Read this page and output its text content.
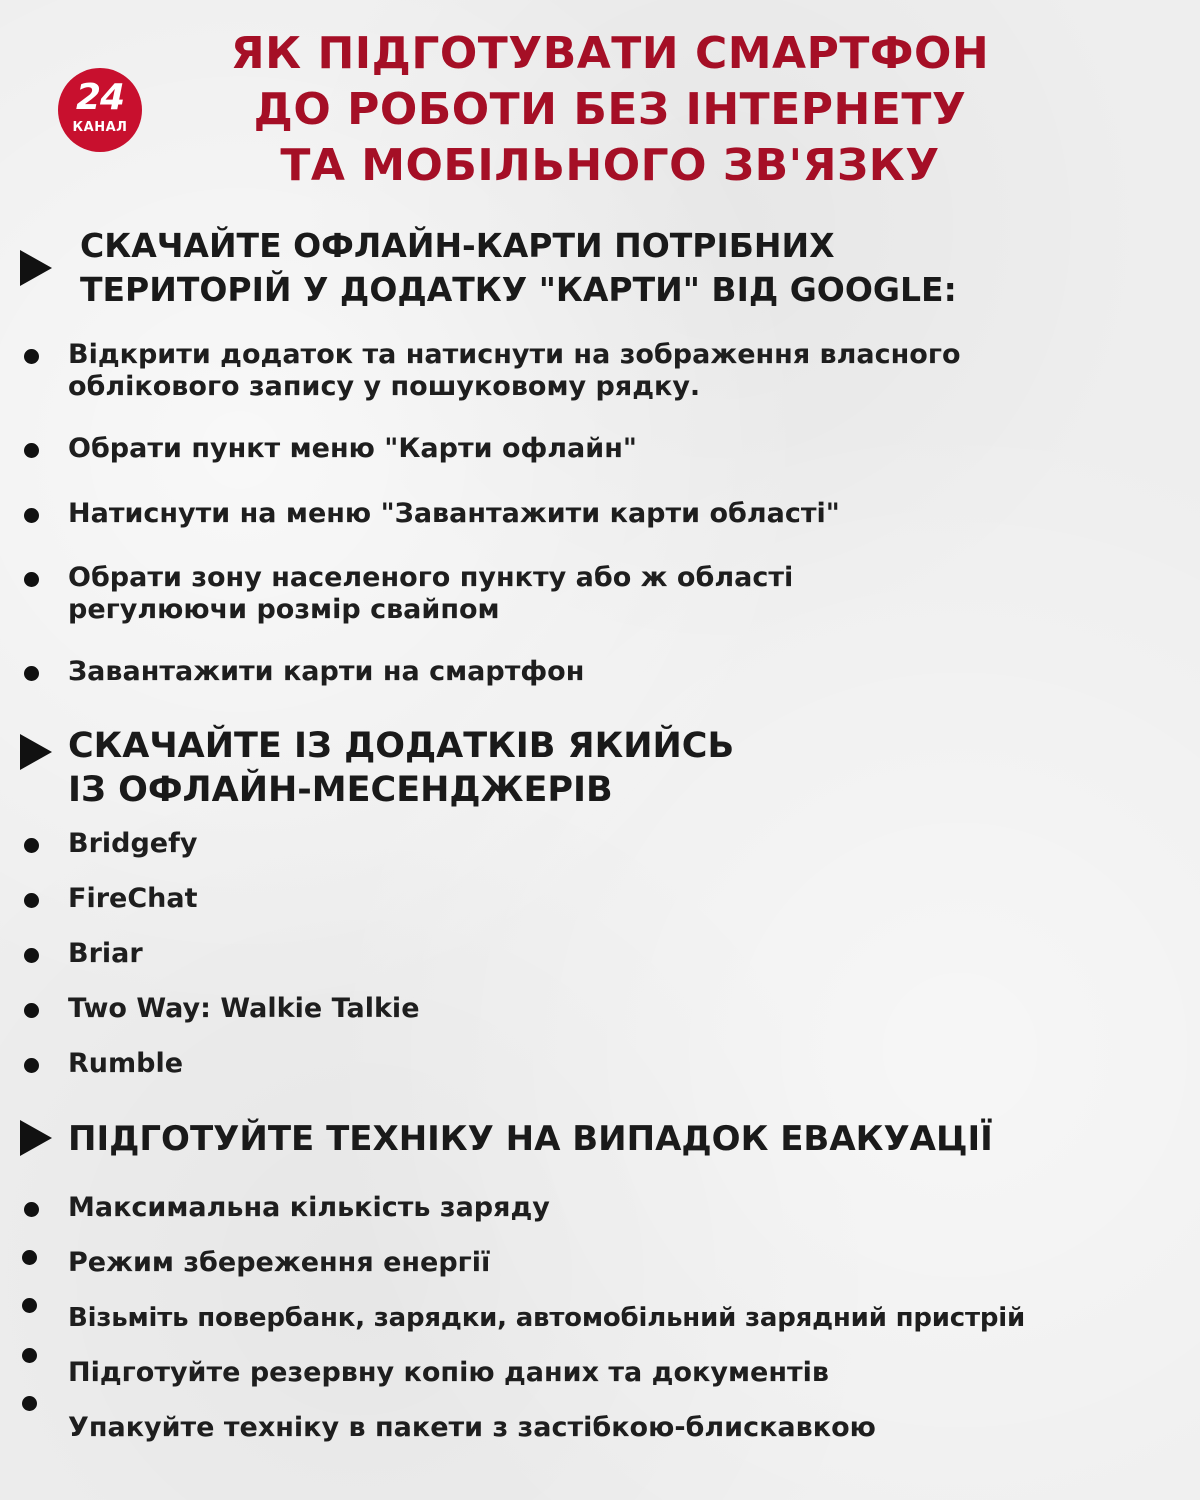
24
КАНАЛ
ЯК ПІДГОТУВАТИ СМАРТФОН
ДО РОБОТИ БЕЗ ІНТЕРНЕТУ
ТА МОБІЛЬНОГО ЗВ'ЯЗКУ
СКАЧАЙТЕ ОФЛАЙН-КАРТИ ПОТРІБНИХ
ТЕРИТОРІЙ У ДОДАТКУ "КАРТИ" ВІД GOOGLE:
Відкрити додаток та натиснути на зображення власного
облікового запису у пошуковому рядку.
Обрати пункт меню "Карти офлайн"
Натиснути на меню "Завантажити карти області"
Обрати зону населеного пункту або ж області
регулюючи розмір свайпом
Завантажити карти на смартфон
СКАЧАЙТЕ ІЗ ДОДАТКІВ ЯКИЙСЬ
ІЗ ОФЛАЙН-МЕСЕНДЖЕРІВ
Bridgefy
FireChat
Briar
Two Way: Walkie Talkie
Rumble
ПІДГОТУЙТЕ ТЕХНІКУ НА ВИПАДОК ЕВАКУАЦІЇ
Максимальна кількість заряду
Режим збереження енергії
Візьміть повербанк, зарядки, автомобільний зарядний пристрій
Підготуйте резервну копію даних та документів
Упакуйте техніку в пакети з застібкою-блискавкою
